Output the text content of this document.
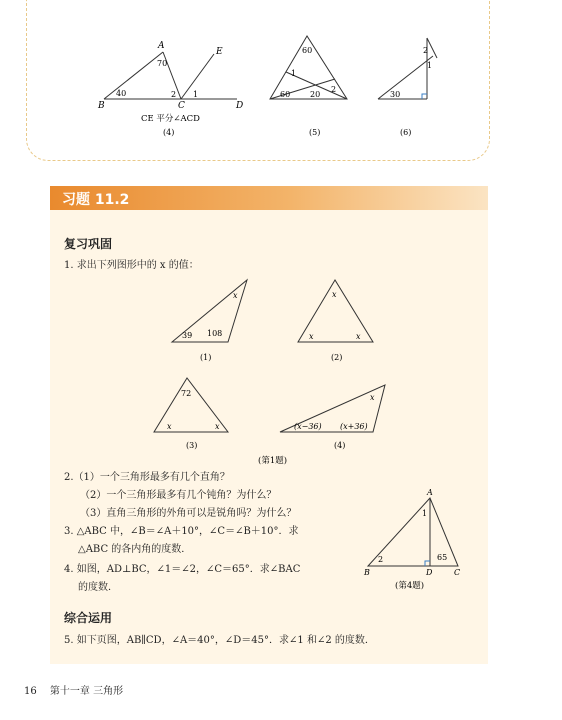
A
B	C	D
E
70
40	2 1
CE 平分∠ACD
(4)
60
1
60 20
2
(5)
2
1
30
(6)
习题 11.2
复习巩固
1. 求出下列图形中的 x 的值：
x
39 108
(1)
x
x	x
(2)
72
x	x
(3)
x
(x−36) (x+36)
(4)
(第1题)
A
B	D	C
1
2	65
(第4题)
2.（1）一个三角形最多有几个直角？
（2）一个三角形最多有几个钝角？为什么？
（3）直角三角形的外角可以是锐角吗？为什么？
3. △ABC 中，∠B＝∠A＋10°，∠C＝∠B＋10°．求
△ABC 的各内角的度数．
4. 如图，AD⊥BC，∠1＝∠2，∠C＝65°．求∠BAC
的度数．
综合运用
5. 如下页图，AB∥CD，∠A＝40°，∠D＝45°．求∠1 和∠2 的度数．
16 第十一章 三角形
